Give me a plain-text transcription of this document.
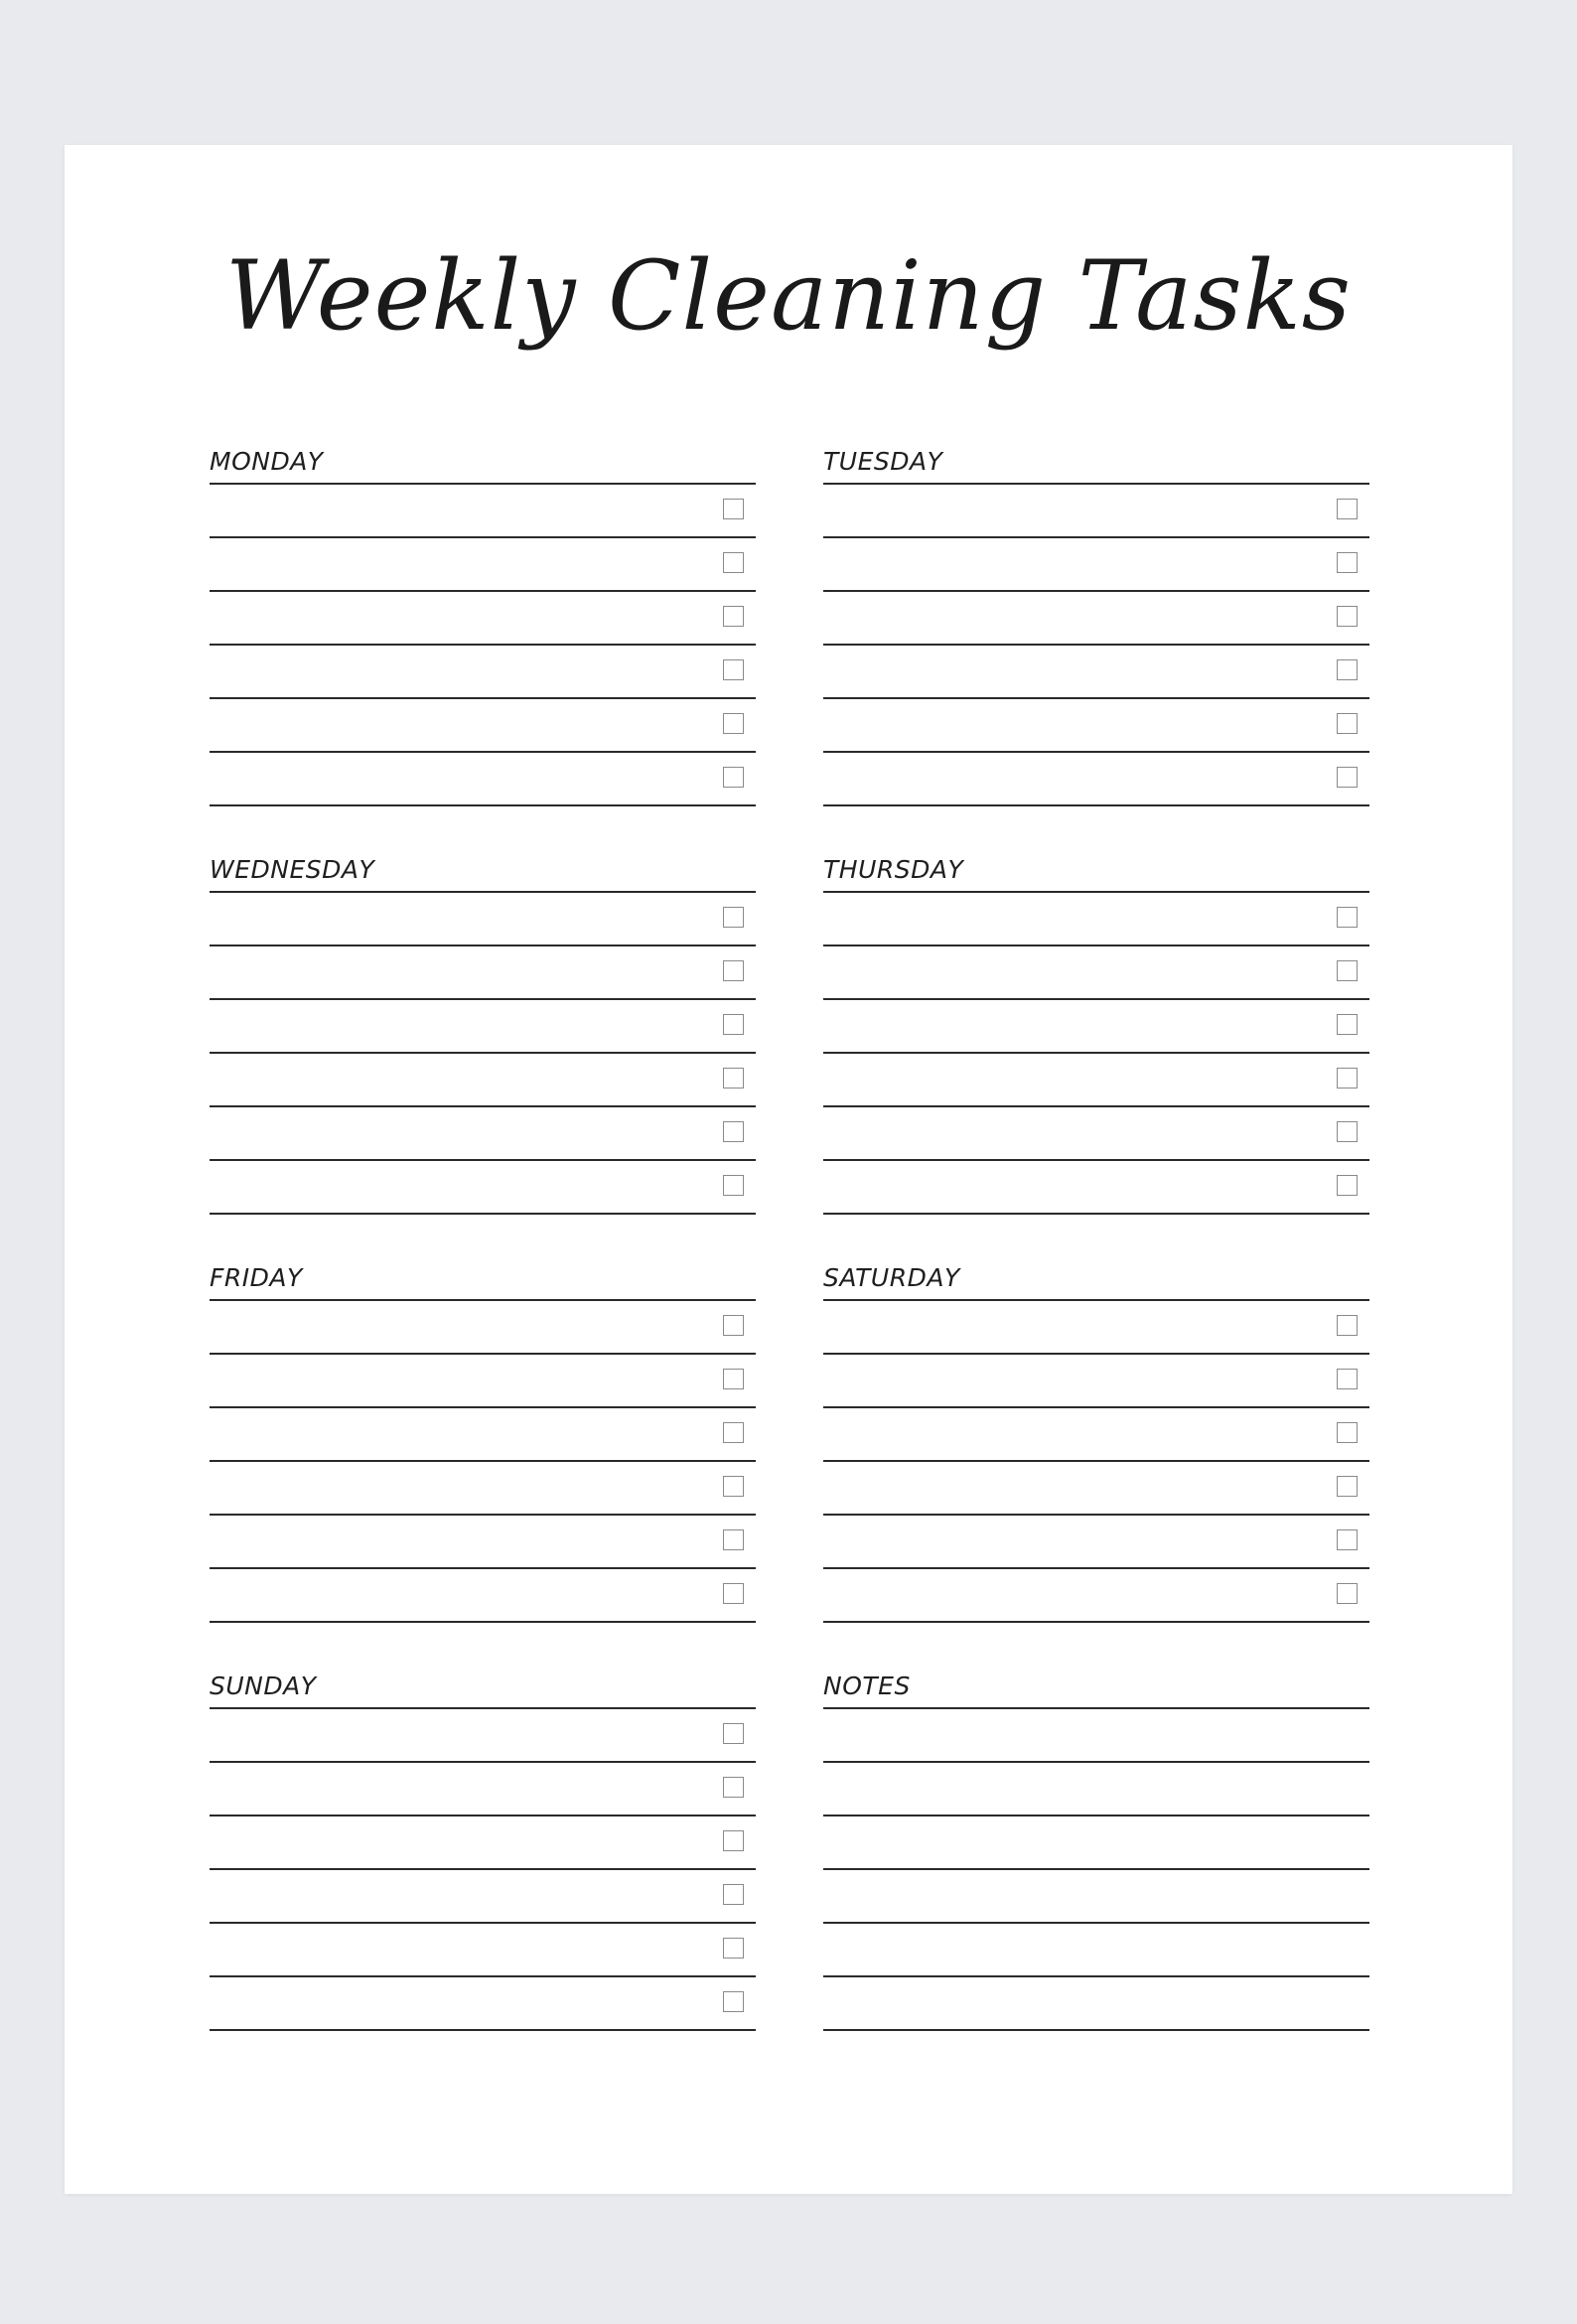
Weekly Cleaning Tasks
MONDAY	TUESDAY
WEDNESDAY	THURSDAY
FRIDAY	SATURDAY
SUNDAY	NOTES
